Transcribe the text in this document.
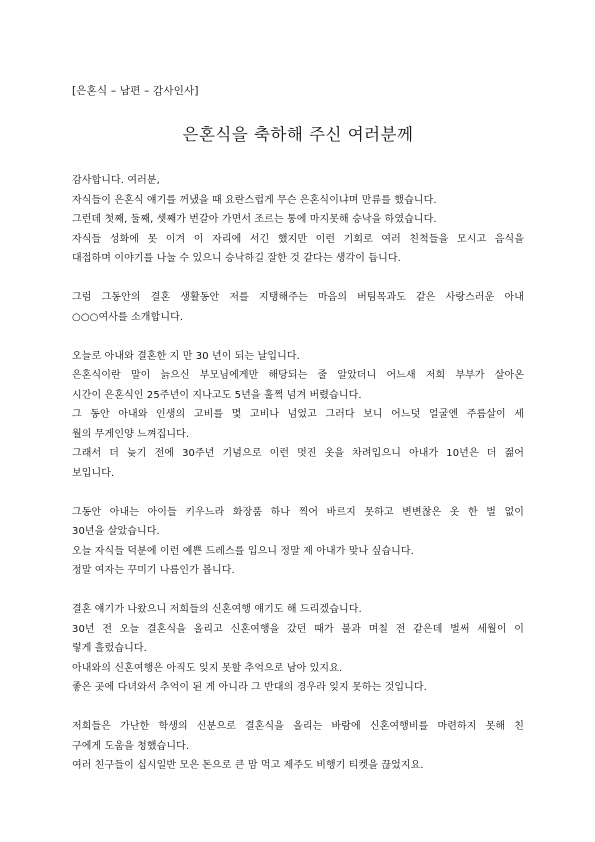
[은혼식 – 남편 – 감사인사]
은혼식을 축하해 주신 여러분께
감사합니다. 여러분,
자식들이 은혼식 얘기를 꺼냈을 때 요란스럽게 무슨 은혼식이냐며 만류를 했습니다.
그런데 첫째, 둘째, 셋째가 번갈아 가면서 조르는 통에 마지못해 승낙을 하였습니다.
자식들 성화에 못 이겨 이 자리에 서긴 했지만 이런 기회로 여러 친척들을 모시고 음식을
대접하며 이야기를 나눌 수 있으니 승낙하길 잘한 것 같다는 생각이 듭니다.
그럼 그동안의 결혼 생활동안 저를 지탱해주는 마음의 버팀목과도 같은 사랑스러운 아내
○○○여사를 소개합니다.
오늘로 아내와 결혼한 지 만 30 년이 되는 날입니다.
은혼식이란 말이 늙으신 부모님에게만 해당되는 줄 알았더니 어느새 저희 부부가 살아온
시간이 은혼식인 25주년이 지나고도 5년을 훌쩍 넘겨 버렸습니다.
그 동안 아내와 인생의 고비를 몇 고비나 넘었고 그러다 보니 어느덧 얼굴엔 주름살이 세
월의 무게인양 느껴집니다.
그래서 더 늦기 전에 30주년 기념으로 이런 멋진 옷을 차려입으니 아내가 10년은 더 젊어
보입니다.
그동안 아내는 아이들 키우느라 화장품 하나 찍어 바르지 못하고 변변찮은 옷 한 벌 없이
30년을 살았습니다.
오늘 자식들 덕분에 이런 예쁜 드레스를 입으니 정말 제 아내가 맞나 싶습니다.
정말 여자는 꾸미기 나름인가 봅니다.
결혼 얘기가 나왔으니 저희들의 신혼여행 얘기도 해 드리겠습니다.
30년 전 오늘 결혼식을 올리고 신혼여행을 갔던 때가 불과 며칠 전 같은데 벌써 세월이 이
렇게 흘렀습니다.
아내와의 신혼여행은 아직도 잊지 못할 추억으로 남아 있지요.
좋은 곳에 다녀와서 추억이 된 게 아니라 그 반대의 경우라 잊지 못하는 것입니다.
저희들은 가난한 학생의 신분으로 결혼식을 올리는 바람에 신혼여행비를 마련하지 못해 친
구에게 도움을 청했습니다.
여러 친구들이 십시일반 모은 돈으로 큰 맘 먹고 제주도 비행기 티켓을 끊었지요.
